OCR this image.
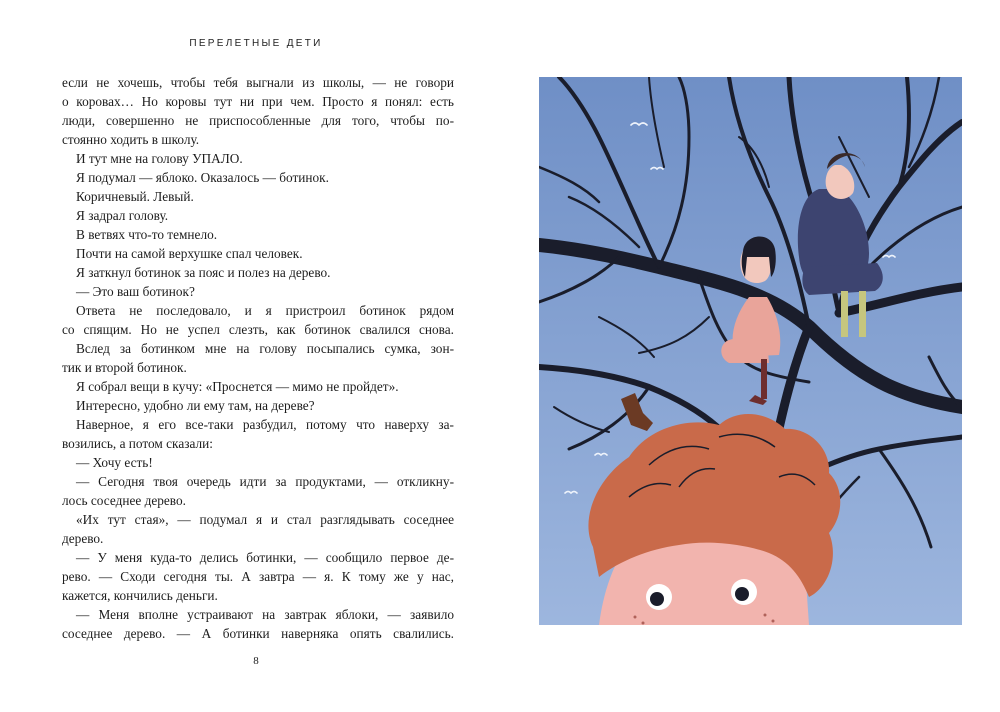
ПЕРЕЛЕТНЫЕ ДЕТИ
если не хочешь, чтобы тебя выгнали из школы, — не говори
о коровах… Но коровы тут ни при чем. Просто я понял: есть
люди, совершенно не приспособленные для того, чтобы по-
стоянно ходить в школу.
И тут мне на голову УПАЛО.
Я подумал — яблоко. Оказалось — ботинок.
Коричневый. Левый.
Я задрал голову.
В ветвях что-то темнело.
Почти на самой верхушке спал человек.
Я заткнул ботинок за пояс и полез на дерево.
— Это ваш ботинок?
Ответа не последовало, и я пристроил ботинок рядом
со спящим. Но не успел слезть, как ботинок свалился снова.
Вслед за ботинком мне на голову посыпались сумка, зон-
тик и второй ботинок.
Я собрал вещи в кучу: «Проснется — мимо не пройдет».
Интересно, удобно ли ему там, на дереве?
Наверное, я его все-таки разбудил, потому что наверху за-
возились, а потом сказали:
— Хочу есть!
— Сегодня твоя очередь идти за продуктами, — откликну-
лось соседнее дерево.
«Их тут стая», — подумал я и стал разглядывать соседнее
дерево.
— У меня куда-то делись ботинки, — сообщило первое де-
рево. — Сходи сегодня ты. А завтра — я. К тому же у нас,
кажется, кончились деньги.
— Меня вполне устраивают на завтрак яблоки, — заявило
соседнее дерево. — А ботинки наверняка опять свалились.
8
